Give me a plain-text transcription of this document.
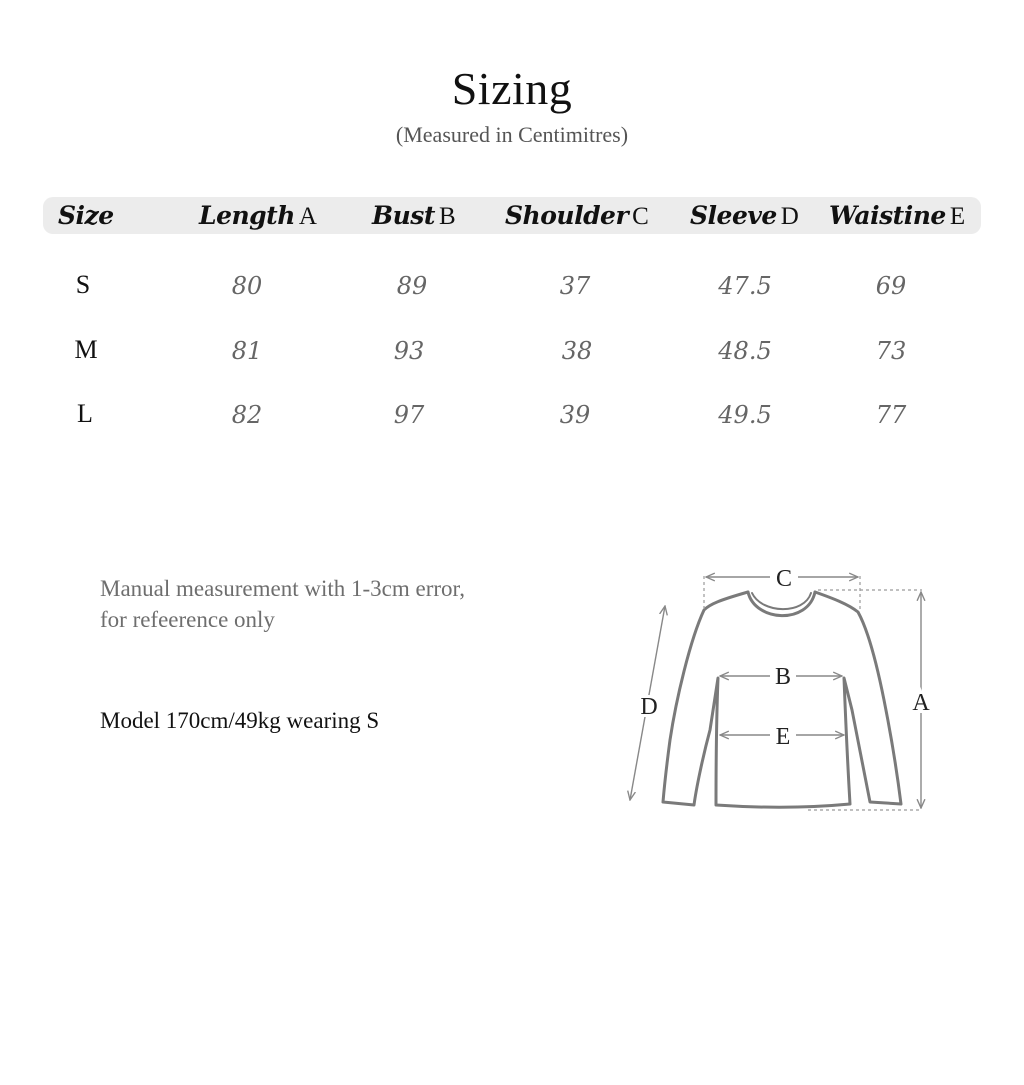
Sizing
(Measured in Centimitres)
Size	Length A Bust B Shoulder C Sleeve D Waistine E
S	80	89	37	47.5	69
M	81	93	38	48.5	73
L	82	97	39	49.5	77
Manual measurement with 1-3cm error,
for refeerence only
Model 170cm/49kg wearing S
C
B
E
A
D
